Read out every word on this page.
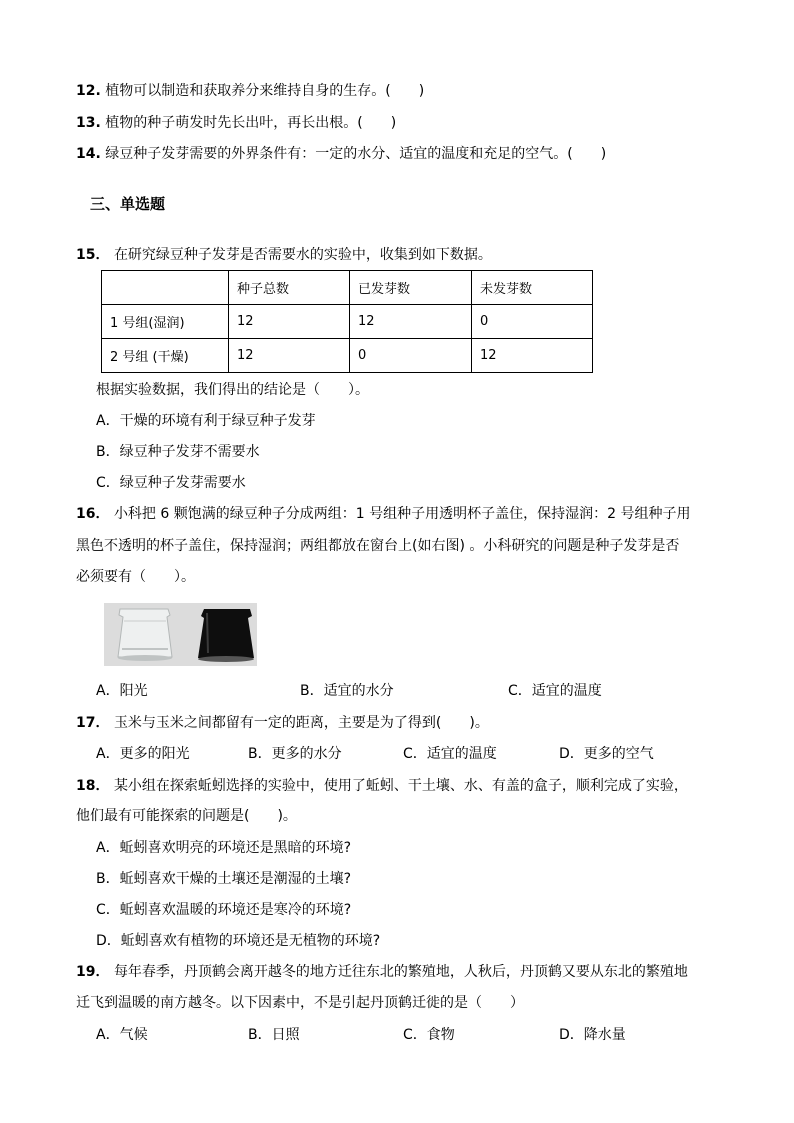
12. 植物可以制造和获取养分来维持自身的生存。(　　)
13. 植物的种子萌发时先长出叶，再长出根。(　　)
14. 绿豆种子发芽需要的外界条件有：一定的水分、适宜的温度和充足的空气。(　　)
三、单选题
15． 在研究绿豆种子发芽是否需要水的实验中，收集到如下数据。
	种子总数	已发芽数	未发芽数
1 号组(湿润)	12	12	0
2 号组 (干燥)	12	0	12
根据实验数据，我们得出的结论是（　　）。
A．干燥的环境有利于绿豆种子发芽
B．绿豆种子发芽不需要水
C．绿豆种子发芽需要水
16． 小科把 6 颗饱满的绿豆种子分成两组：1 号组种子用透明杯子盖住，保持湿润：2 号组种子用
黑色不透明的杯子盖住，保持湿润；两组都放在窗台上(如右图) 。小科研究的问题是种子发芽是否
必须要有（　　）。
A．阳光	B．适宜的水分	C．适宜的温度
17． 玉米与玉米之间都留有一定的距离，主要是为了得到(　　)。
A．更多的阳光	B．更多的水分	C．适宜的温度	D．更多的空气
18． 某小组在探索蚯蚓选择的实验中，使用了蚯蚓、干土壤、水、有盖的盒子，顺利完成了实验，
他们最有可能探索的问题是(　　)。
A．蚯蚓喜欢明亮的环境还是黑暗的环境?
B．蚯蚓喜欢干燥的土壤还是潮湿的土壤?
C．蚯蚓喜欢温暖的环境还是寒冷的环境?
D．蚯蚓喜欢有植物的环境还是无植物的环境?
19． 每年春季，丹顶鹤会离开越冬的地方迁往东北的繁殖地，人秋后，丹顶鹤又要从东北的繁殖地
迁飞到温暖的南方越冬。以下因素中，不是引起丹顶鹤迁徙的是（　　）
A．气候	B．日照	C．食物	D．降水量
